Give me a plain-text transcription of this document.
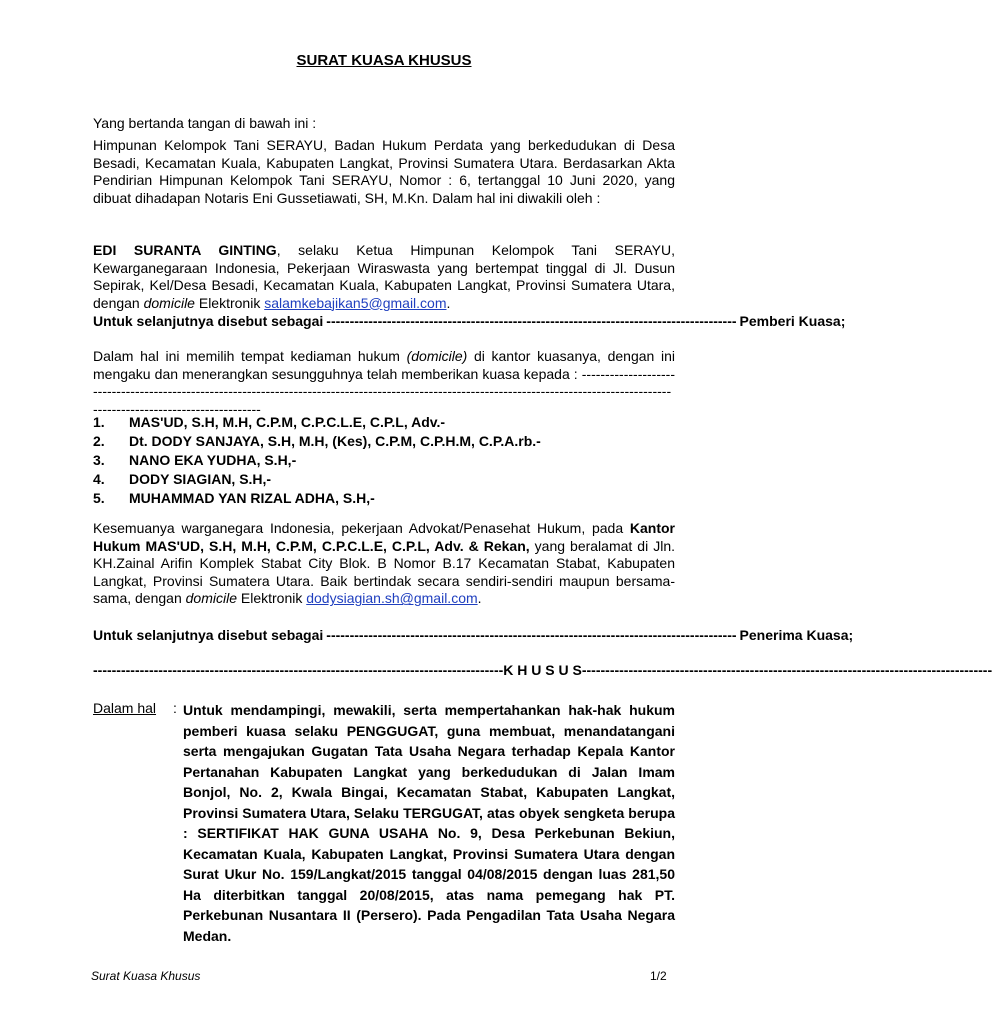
SURAT KUASA KHUSUS
Yang bertanda tangan di bawah ini :
Himpunan Kelompok Tani SERAYU, Badan Hukum Perdata yang berkedudukan di Desa Besadi, Kecamatan Kuala, Kabupaten Langkat, Provinsi Sumatera Utara. Berdasarkan Akta Pendirian Himpunan Kelompok Tani SERAYU, Nomor : 6, tertanggal 10 Juni 2020, yang dibuat dihadapan Notaris Eni Gussetiawati, SH, M.Kn. Dalam hal ini diwakili oleh :
EDI SURANTA GINTING, selaku Ketua Himpunan Kelompok Tani SERAYU, Kewarganegaraan Indonesia, Pekerjaan Wiraswasta yang bertempat tinggal di Jl. Dusun Sepirak, Kel/Desa Besadi, Kecamatan Kuala, Kabupaten Langkat, Provinsi Sumatera Utara, dengan domicile Elektronik salamkebajikan5@gmail.com.
Untuk selanjutnya disebut sebagai ---------------------------------------------------------------------------------------- Pemberi Kuasa;
Dalam hal ini memilih tempat kediaman hukum (domicile) di kantor kuasanya, dengan ini mengaku dan menerangkan sesungguhnya telah memberikan kuasa kepada : ------------------------------------------------------------------------------------------------------------------------------------------------------------------------------------
1.	MAS'UD, S.H, M.H, C.P.M, C.P.C.L.E, C.P.L, Adv.-
2.	Dt. DODY SANJAYA, S.H, M.H, (Kes), C.P.M, C.P.H.M, C.P.A.rb.-
3.	NANO EKA YUDHA, S.H,-
4.	DODY SIAGIAN, S.H,-
5.	MUHAMMAD YAN RIZAL ADHA, S.H,-
Kesemuanya warganegara Indonesia, pekerjaan Advokat/Penasehat Hukum, pada Kantor Hukum MAS'UD, S.H, M.H, C.P.M, C.P.C.L.E, C.P.L, Adv. & Rekan, yang beralamat di Jln. KH.Zainal Arifin Komplek Stabat City Blok. B Nomor B.17 Kecamatan Stabat, Kabupaten Langkat, Provinsi Sumatera Utara. Baik bertindak secara sendiri-sendiri maupun bersama-sama, dengan domicile Elektronik dodysiagian.sh@gmail.com.
Untuk selanjutnya disebut sebagai ---------------------------------------------------------------------------------------- Penerima Kuasa;
---------------------------------------------------------------------------------------- K H U S U S ----------------------------------------------------------------------------------------
Dalam hal : Untuk mendampingi, mewakili, serta mempertahankan hak-hak hukum pemberi kuasa selaku PENGGUGAT, guna membuat, menandatangani serta mengajukan Gugatan Tata Usaha Negara terhadap Kepala Kantor Pertanahan Kabupaten Langkat yang berkedudukan di Jalan Imam Bonjol, No. 2, Kwala Bingai, Kecamatan Stabat, Kabupaten Langkat, Provinsi Sumatera Utara, Selaku TERGUGAT, atas obyek sengketa berupa : SERTIFIKAT HAK GUNA USAHA No. 9, Desa Perkebunan Bekiun, Kecamatan Kuala, Kabupaten Langkat, Provinsi Sumatera Utara dengan Surat Ukur No. 159/Langkat/2015 tanggal 04/08/2015 dengan luas 281,50 Ha diterbitkan tanggal 20/08/2015, atas nama pemegang hak PT. Perkebunan Nusantara II (Persero). Pada Pengadilan Tata Usaha Negara Medan.
Surat Kuasa Khusus	1/2
